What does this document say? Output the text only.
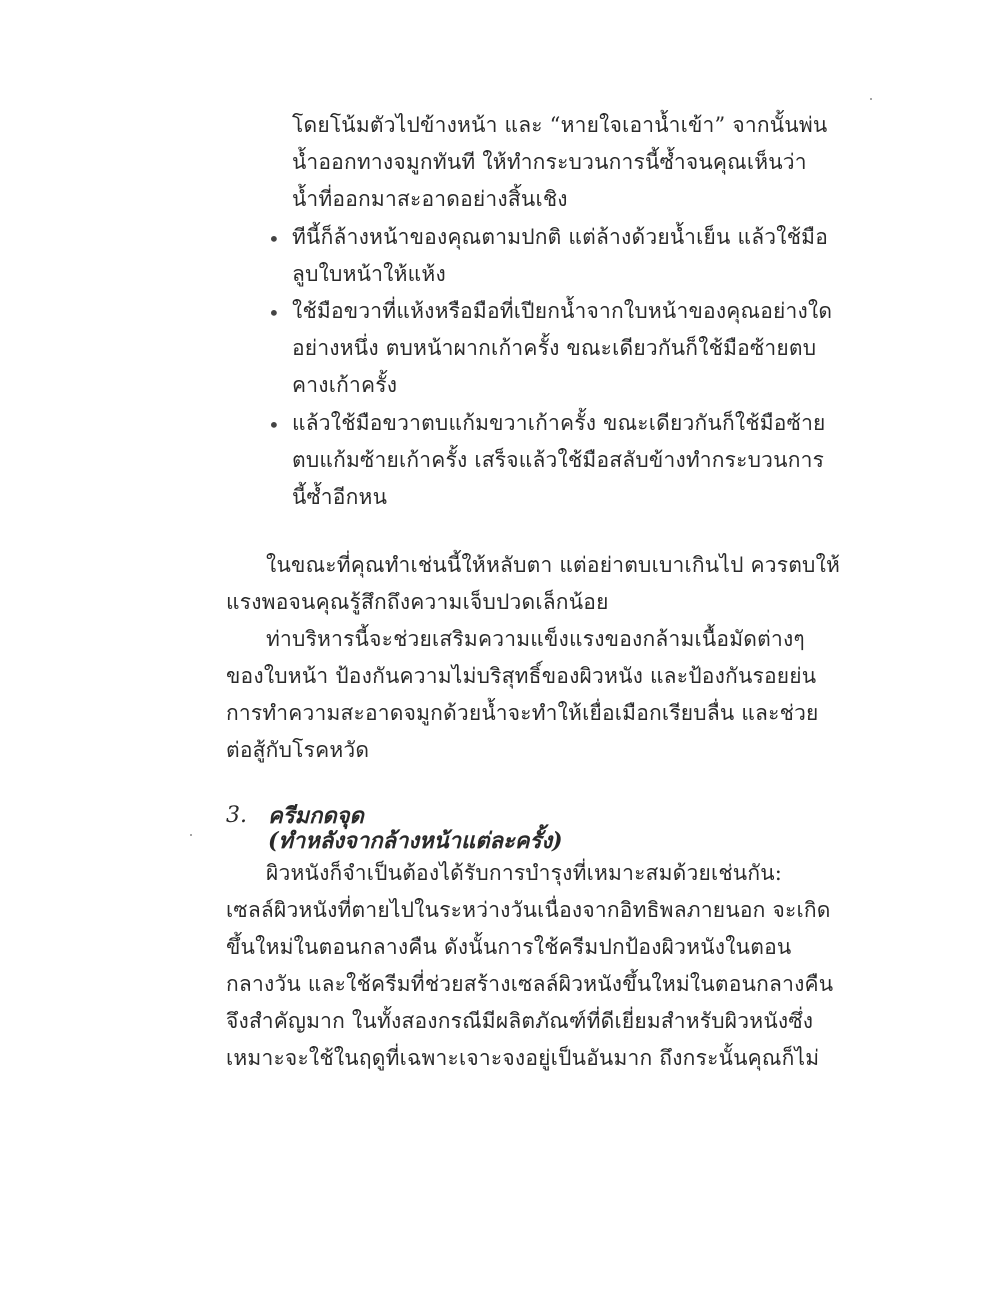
โดยโน้มตัวไปข้างหน้า และ “หายใจเอาน้ำเข้า” จากนั้นพ่น
น้ำออกทางจมูกทันที ให้ทำกระบวนการนี้ซ้ำจนคุณเห็นว่า
น้ำที่ออกมาสะอาดอย่างสิ้นเชิง
• ทีนี้ก็ล้างหน้าของคุณตามปกติ แต่ล้างด้วยน้ำเย็น แล้วใช้มือ
ลูบใบหน้าให้แห้ง
• ใช้มือขวาที่แห้งหรือมือที่เปียกน้ำจากใบหน้าของคุณอย่างใด
อย่างหนึ่ง ตบหน้าผากเก้าครั้ง ขณะเดียวกันก็ใช้มือซ้ายตบ
คางเก้าครั้ง
• แล้วใช้มือขวาตบแก้มขวาเก้าครั้ง ขณะเดียวกันก็ใช้มือซ้าย
ตบแก้มซ้ายเก้าครั้ง เสร็จแล้วใช้มือสลับข้างทำกระบวนการ
นี้ซ้ำอีกหน
ในขณะที่คุณทำเช่นนี้ให้หลับตา แต่อย่าตบเบาเกินไป ควรตบให้
แรงพอจนคุณรู้สึกถึงความเจ็บปวดเล็กน้อย
ท่าบริหารนี้จะช่วยเสริมความแข็งแรงของกล้ามเนื้อมัดต่างๆ
ของใบหน้า ป้องกันความไม่บริสุทธิ์ของผิวหนัง และป้องกันรอยย่น
การทำความสะอาดจมูกด้วยน้ำจะทำให้เยื่อเมือกเรียบลื่น และช่วย
ต่อสู้กับโรคหวัด
3. ครีมกดจุด
(ทำหลังจากล้างหน้าแต่ละครั้ง)
ผิวหนังก็จำเป็นต้องได้รับการบำรุงที่เหมาะสมด้วยเช่นกัน:
เซลล์ผิวหนังที่ตายไปในระหว่างวันเนื่องจากอิทธิพลภายนอก จะเกิด
ขึ้นใหม่ในตอนกลางคืน ดังนั้นการใช้ครีมปกป้องผิวหนังในตอน
กลางวัน และใช้ครีมที่ช่วยสร้างเซลล์ผิวหนังขึ้นใหม่ในตอนกลางคืน
จึงสำคัญมาก ในทั้งสองกรณีมีผลิตภัณฑ์ที่ดีเยี่ยมสำหรับผิวหนังซึ่ง
เหมาะจะใช้ในฤดูที่เฉพาะเจาะจงอยู่เป็นอันมาก ถึงกระนั้นคุณก็ไม่
